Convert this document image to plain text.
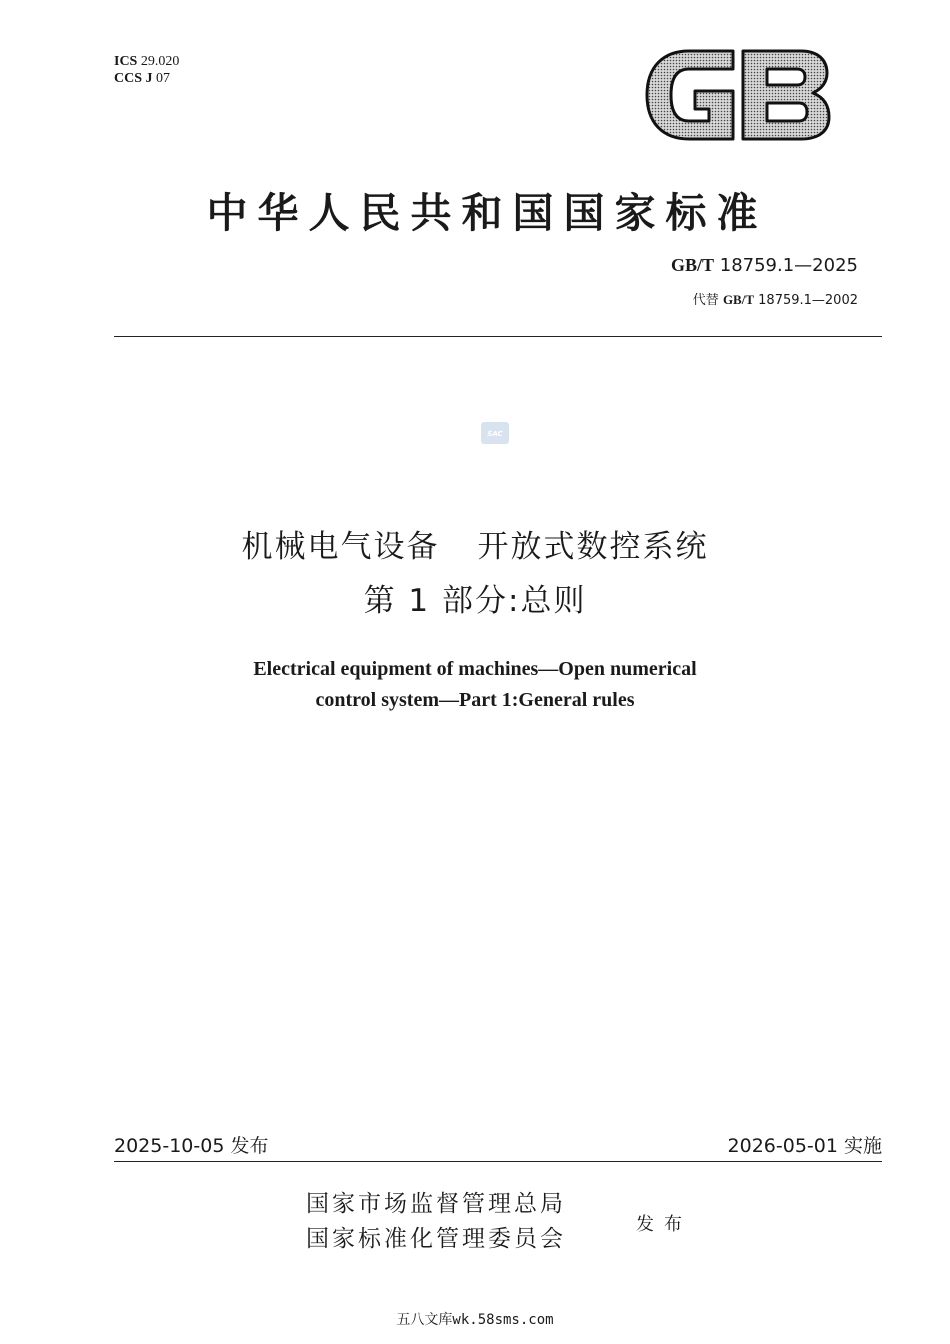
ICS 29.020
CCS J 07
中华人民共和国国家标准
GB/T 18759.1—2025
代替 GB/T 18759.1—2002
SAC
机械电气设备 开放式数控系统
第 1 部分:总则
Electrical equipment of machines—Open numerical
control system—Part 1:General rules
2025-10-05 发布	2026-05-01 实施
国家市场监督管理总局
国家标准化管理委员会
发布
五八文库wk.58sms.com
